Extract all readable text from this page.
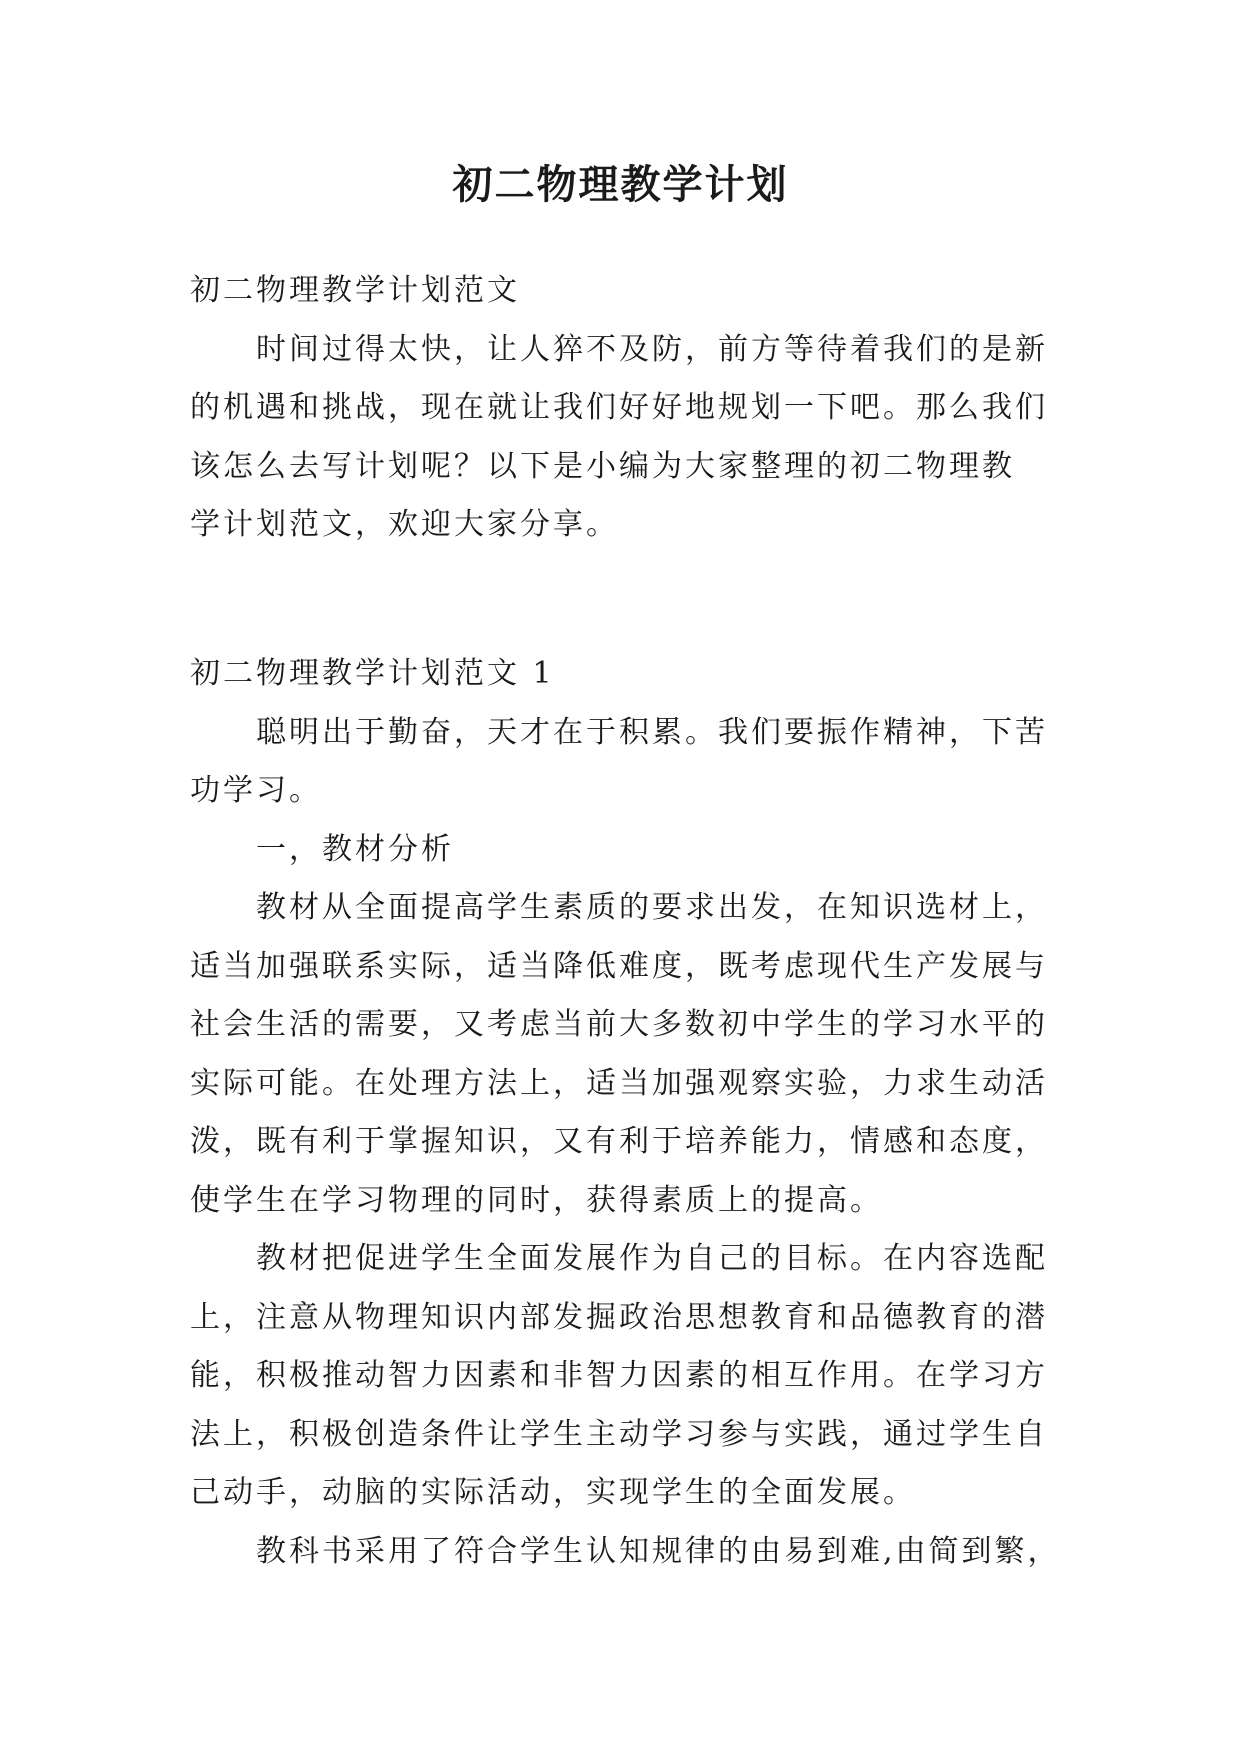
初二物理教学计划

初二物理教学计划范文

时间过得太快，让人猝不及防，前方等待着我们的是新

的机遇和挑战，现在就让我们好好地规划一下吧。那么我们

该怎么去写计划呢？以下是小编为大家整理的初二物理教

学计划范文，欢迎大家分享。

初二物理教学计划范文 1

聪明出于勤奋，天才在于积累。我们要振作精神，下苦

功学习。

一，教材分析

教材从全面提高学生素质的要求出发，在知识选材上，

适当加强联系实际，适当降低难度，既考虑现代生产发展与

社会生活的需要，又考虑当前大多数初中学生的学习水平的

实际可能。在处理方法上，适当加强观察实验，力求生动活

泼，既有利于掌握知识，又有利于培养能力，情感和态度，

使学生在学习物理的同时，获得素质上的提高。

教材把促进学生全面发展作为自己的目标。在内容选配

上，注意从物理知识内部发掘政治思想教育和品德教育的潜

能，积极推动智力因素和非智力因素的相互作用。在学习方

法上，积极创造条件让学生主动学习参与实践，通过学生自

己动手，动脑的实际活动，实现学生的全面发展。

教科书采用了符合学生认知规律的由易到难,由简到繁，
